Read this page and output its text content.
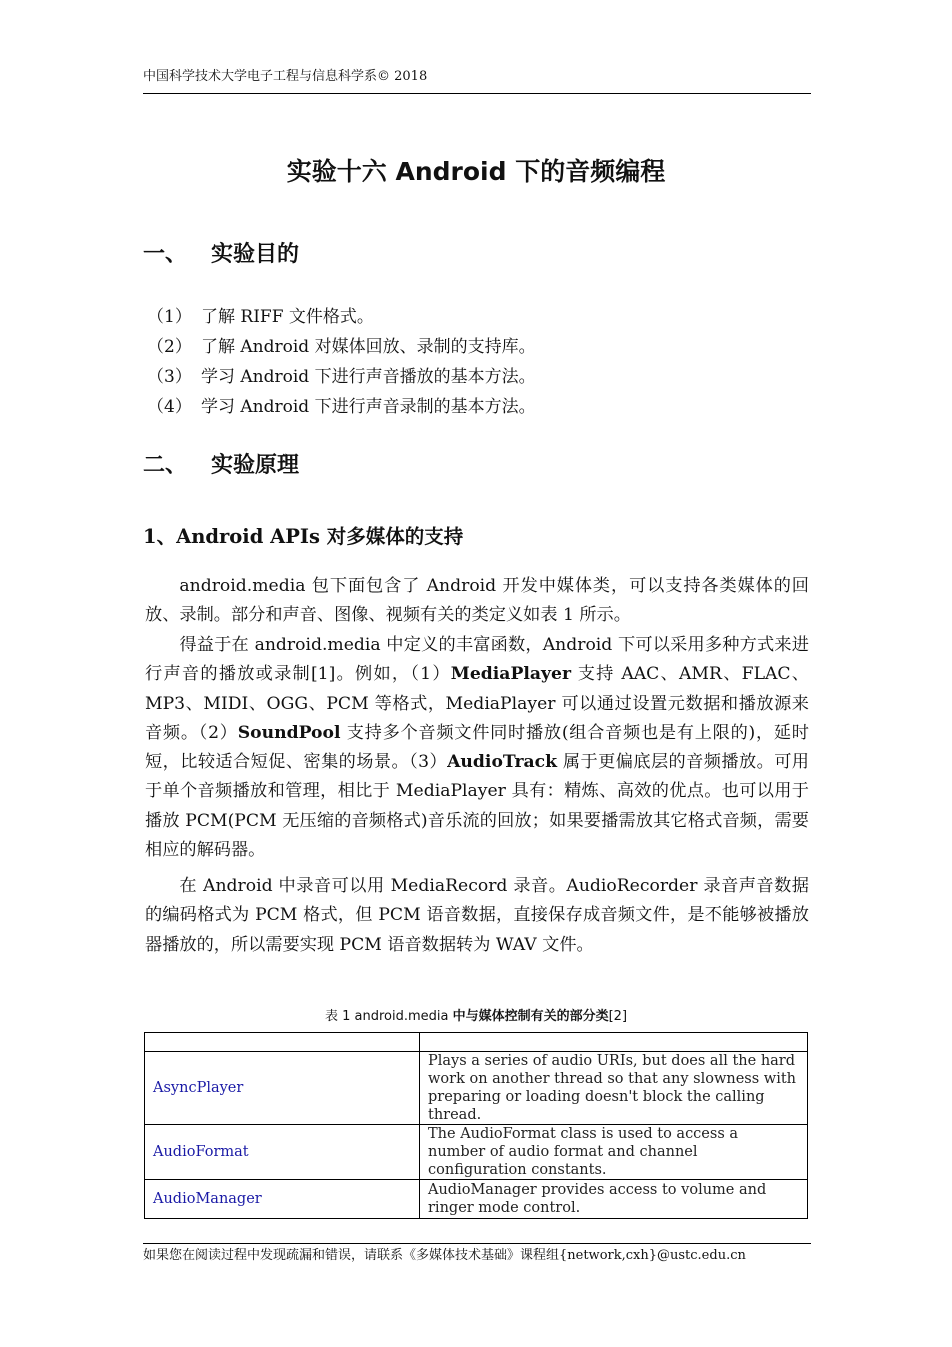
中国科学技术大学电子工程与信息科学系© 2018
实验十六 Android 下的音频编程
一、 实验目的
（1） 了解 RIFF 文件格式。
（2） 了解 Android 对媒体回放、录制的支持库。
（3） 学习 Android 下进行声音播放的基本方法。
（4） 学习 Android 下进行声音录制的基本方法。
二、 实验原理
1、Android APIs 对多媒体的支持

android.media 包下面包含了 Android 开发中媒体类，可以支持各类媒体的回放、录制。部分和声音、图像、视频有关的类定义如表 1 所示。

得益于在 android.media 中定义的丰富函数，Android 下可以采用多种方式来进行声音的播放或录制[1]。例如，（1）MediaPlayer 支持 AAC、AMR、FLAC、MP3、MIDI、OGG、PCM 等格式，MediaPlayer 可以通过设置元数据和播放源来音频。（2）SoundPool 支持多个音频文件同时播放(组合音频也是有上限的)，延时短，比较适合短促、密集的场景。（3）AudioTrack 属于更偏底层的音频播放。可用于单个音频播放和管理，相比于 MediaPlayer 具有：精炼、高效的优点。也可以用于播放 PCM(PCM 无压缩的音频格式)音乐流的回放；如果要播需放其它格式音频，需要相应的解码器。

在 Android 中录音可以用 MediaRecord 录音。AudioRecorder 录音声音数据的编码格式为 PCM 格式，但 PCM 语音数据，直接保存成音频文件，是不能够被播放器播放的，所以需要实现 PCM 语音数据转为 WAV 文件。

表 1 android.media 中与媒体控制有关的部分类[2]

AsyncPlayer	Plays a series of audio URIs, but does all the hard work on another thread so that any slowness with preparing or loading doesn't block the calling thread.
AudioFormat	The AudioFormat class is used to access a number of audio format and channel configuration constants.
AudioManager	AudioManager provides access to volume and ringer mode control.
如果您在阅读过程中发现疏漏和错误，请联系《多媒体技术基础》课程组{network,cxh}@ustc.edu.cn
